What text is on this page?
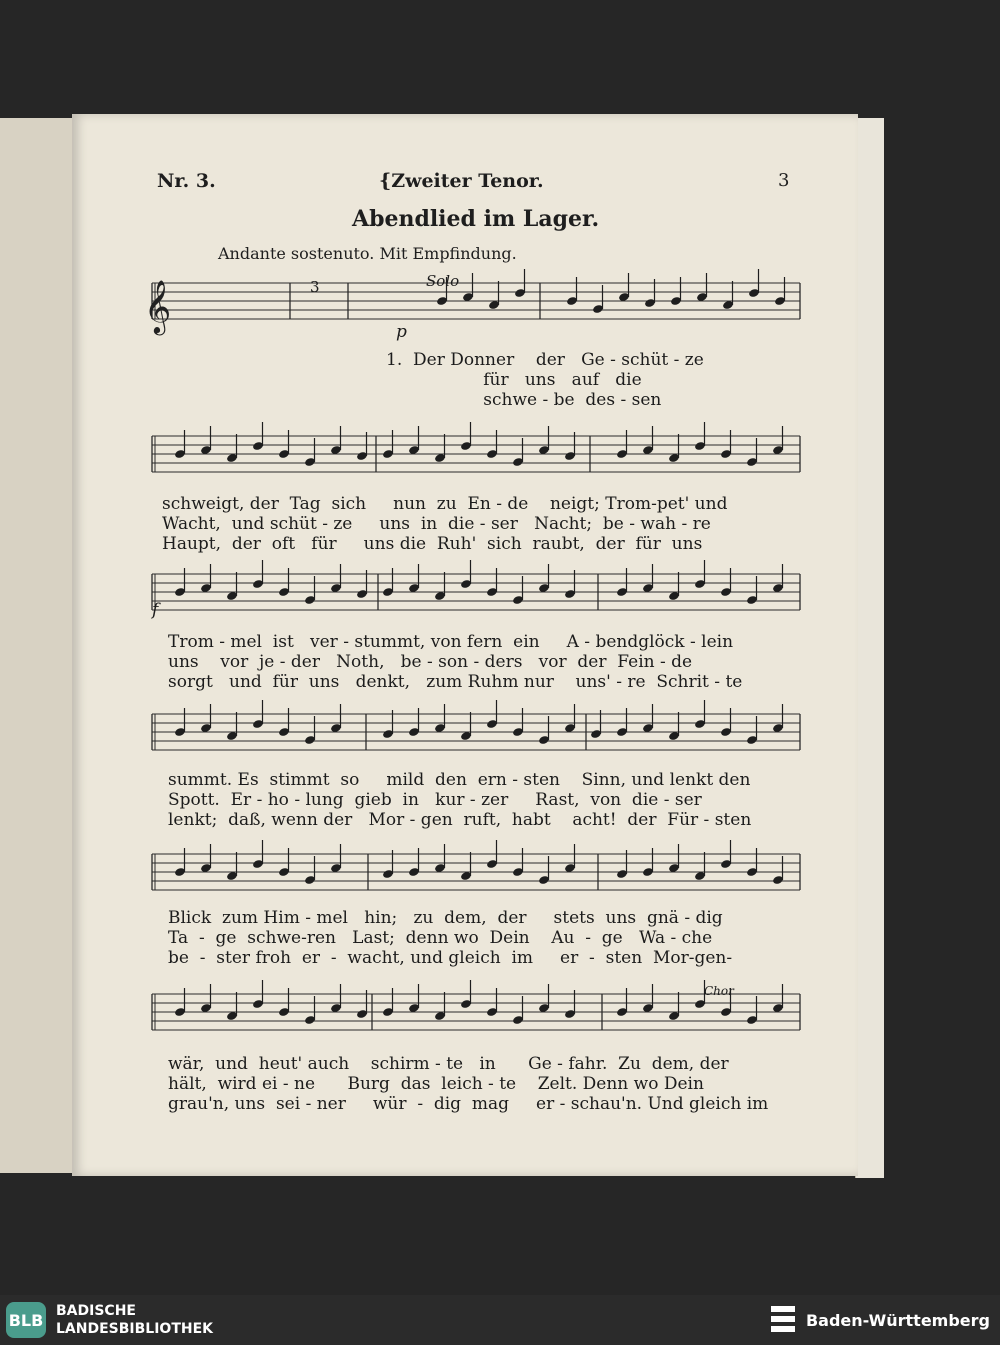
Nr. 3.	{Zweiter Tenor.	3
Abendlied im Lager.
Andante sostenuto. Mit Empfindung.
𝄞	3	Solo
p
f
Chor
1.  Der Donner    der   Ge - schüt - ze
für   uns   auf   die
schwe - be  des - sen
schweigt, der  Tag  sich     nun  zu  En - de    neigt; Trom-pet' und
Wacht,  und schüt - ze     uns  in  die - ser   Nacht;  be - wah - re
Haupt,  der  oft   für     uns die  Ruh'  sich  raubt,  der  für  uns
Trom - mel  ist   ver - stummt, von fern  ein     A - bendglöck - lein
uns    vor  je - der   Noth,   be - son - ders   vor  der  Fein - de
sorgt   und  für  uns   denkt,   zum Ruhm nur    uns' - re  Schrit - te
summt. Es  stimmt  so     mild  den  ern - sten    Sinn, und lenkt den
Spott.  Er - ho - lung  gieb  in   kur - zer     Rast,  von  die - ser
lenkt;  daß, wenn der   Mor - gen  ruft,  habt    acht!  der  Für - sten
Blick  zum Him - mel   hin;   zu  dem,  der     stets  uns  gnä - dig
Ta  -  ge  schwe-ren   Last;  denn wo  Dein    Au  -  ge   Wa - che
be  -  ster froh  er  -  wacht, und gleich  im     er  -  sten  Mor-gen-
wär,  und  heut' auch    schirm - te   in      Ge - fahr.  Zu  dem, der
hält,  wird ei - ne      Burg  das  leich - te    Zelt. Denn wo Dein
grau'n, uns  sei - ner     wür  -  dig  mag     er - schau'n. Und gleich im
BLB BADISCHE
LANDESBIBLIOTHEK	Baden-Württemberg
